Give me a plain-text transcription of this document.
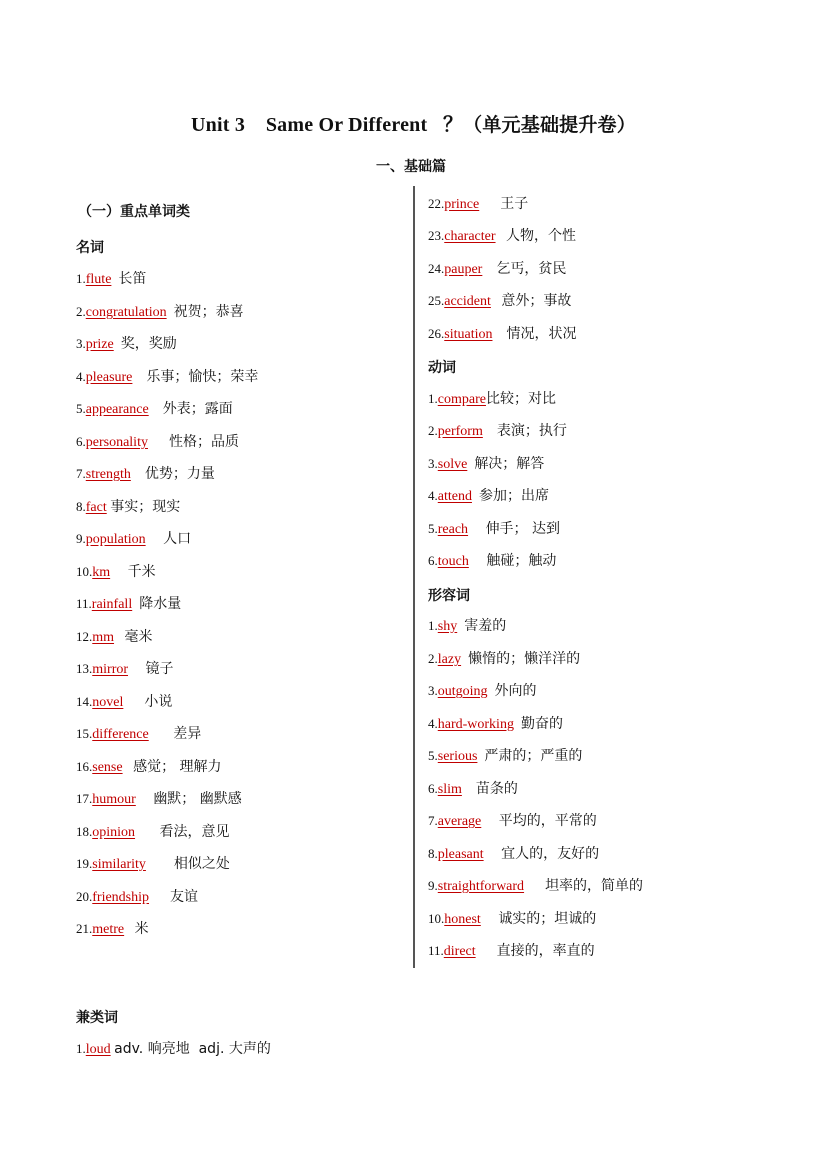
Unit 3 Same Or Different ？（单元基础提升卷）
一、基础篇
（一）重点单词类
名词
1.flute 长笛
2.congratulation 祝贺；恭喜
3.prize 奖，奖励
4.pleasure 乐事；愉快；荣幸
5.appearance 外表；露面
6.personality 性格；品质
7.strength 优势；力量
8.fact 事实；现实
9.population 人口
10.km 千米
11.rainfall 降水量
12.mm 毫米
13.mirror 镜子
14.novel 小说
15.difference 差异
16.sense 感觉； 理解力
17.humour 幽默； 幽默感
18.opinion 看法，意见
19.similarity 相似之处
20.friendship 友谊
21.metre 米
22.prince 王子
23.character 人物，个性
24.pauper 乞丐，贫民
25.accident 意外；事故
26.situation 情况，状况
动词
1.compare比较；对比
2.perform 表演；执行
3.solve 解决；解答
4.attend 参加；出席
5.reach 伸手； 达到
6.touch 触碰；触动
形容词
1.shy 害羞的
2.lazy 懒惰的；懒洋洋的
3.outgoing 外向的
4.hard-working 勤奋的
5.serious 严肃的；严重的
6.slim 苗条的
7.average 平均的，平常的
8.pleasant 宜人的，友好的
9.straightforward 坦率的，简单的
10.honest 诚实的；坦诚的
11.direct 直接的，率直的
兼类词
1.loud adv. 响亮地  adj. 大声的
